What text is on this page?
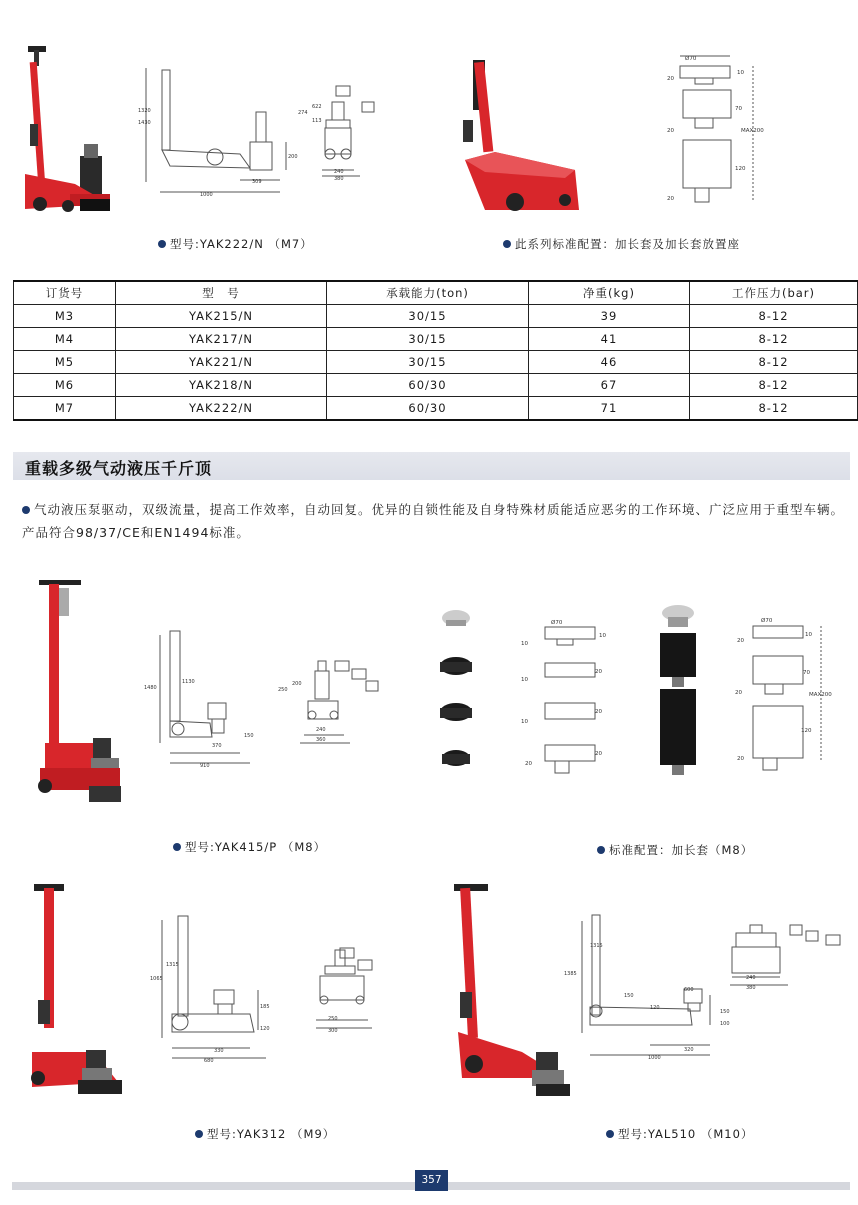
1320
1430
1000
309
200
622
113
274
240
380
Ø70
10
20
70
20	MAX200
120
20
型号:YAK222/N （M7）	此系列标准配置：加长套及加长套放置座
订货号	型　号	承载能力(ton)	净重(kg)	工作压力(bar)
M3	YAK215/N	30/15	39	8-12
M4	YAK217/N	30/15	41	8-12
M5	YAK221/N	30/15	46	8-12
M6	YAK218/N	60/30	67	8-12
M7	YAK222/N	60/30	71	8-12
重载多级气动液压千斤顶
气动液压泵驱动，双级流量，提高工作效率，自动回复。优异的自锁性能及自身特殊材质能适应恶劣的工作环境、广泛应用于重型车辆。产品符合98/37/CE和EN1494标准。
1480
1130
150
370
910
200
250
240
360
Ø70
10
10
20
10
20
10
20
20
Ø70
10
20
70
20	MAX200
120
20
型号:YAK415/P （M8）	标准配置：加长套（M8）
1065
1315
185
120
330
680
250
300
1315
1385
150
600
120
150
100
320
1000
240
380
型号:YAK312 （M9）	型号:YAL510 （M10）
357
